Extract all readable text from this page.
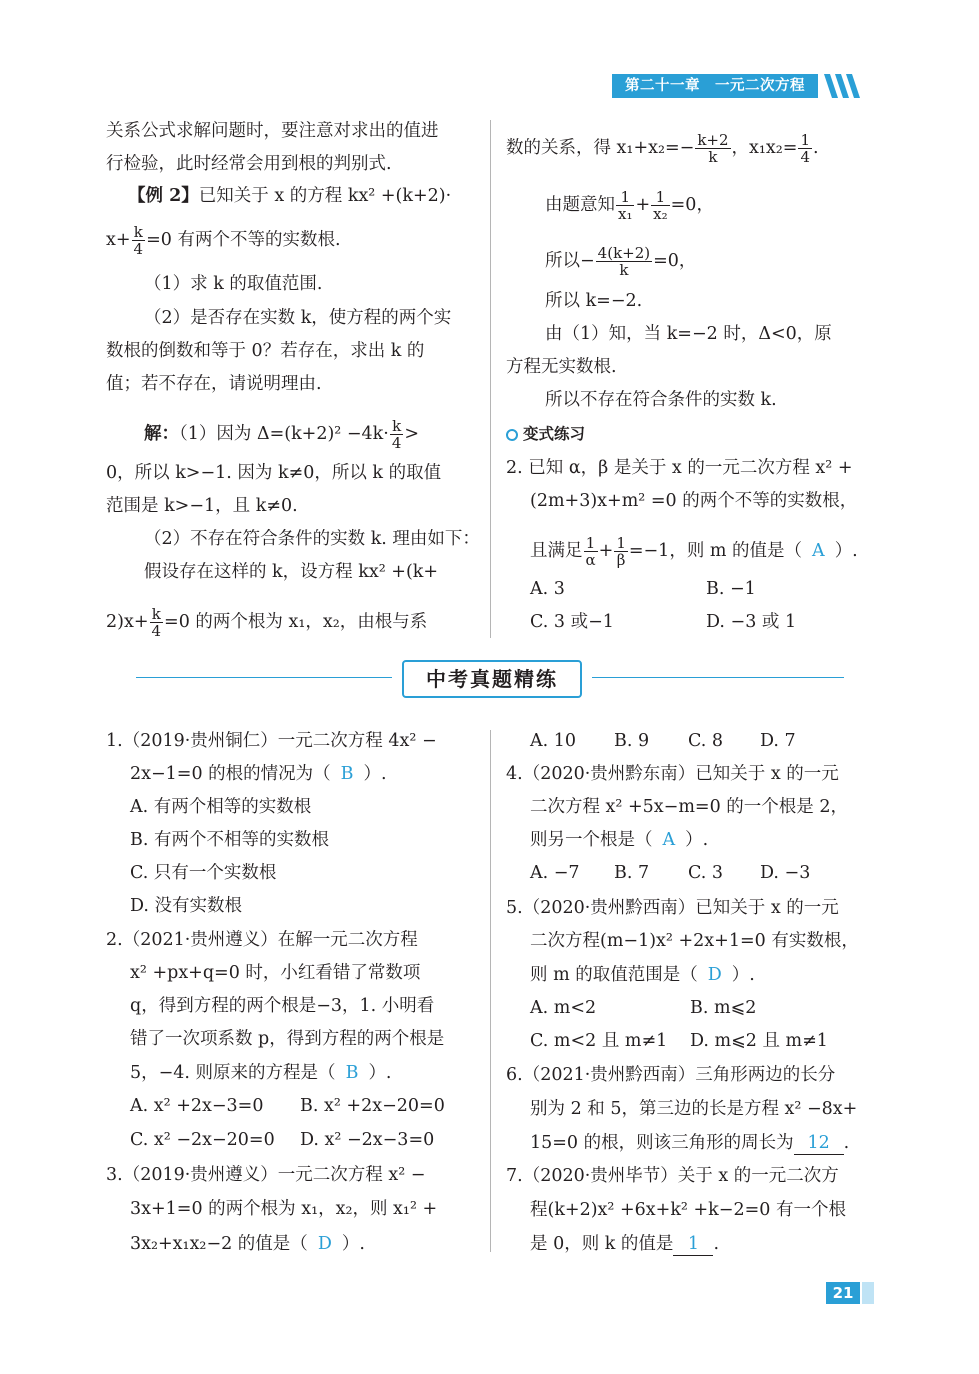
第二十一章　一元二次方程
关系公式求解问题时，要注意对求出的值进
行检验，此时经常会用到根的判别式.
【例 2】已知关于 x 的方程 kx² +(k+2)·
$x+ \frac{k}{4} =0$ 有两个不等的实数根.
（1）求 k 的取值范围.
（2）是否存在实数 k，使方程的两个实
数根的倒数和等于 0？若存在，求出 k 的
值；若不存在，请说明理由.
解：（1）因为 $\Delta=(k+2)^2 -4k\cdot \frac{k}{4}$ >
0，所以 k>−1. 因为 k≠0，所以 k 的取值
范围是 k>−1，且 k≠0.
（2）不存在符合条件的实数 k. 理由如下：
假设存在这样的 k，设方程 kx² +(k+
$2)x+ \frac{k}{4} =0$ 的两个根为 x₁，x₂，由根与系
数的关系，得 $x_1+x_2=- \frac{k+2}{k}$ ，$x_1x_2= \frac{1}{4}$ .
由题意知 $\frac{1}{\text{x₁}} + \frac{1}{\text{x₂}} =0$，
所以− $\frac{4(k+2)}{k} =0$，
所以 k=−2.
由（1）知，当 k=−2 时，Δ<0，原
方程无实数根.
所以不存在符合条件的实数 k.
变式练习
2. 已知 α，β 是关于 x 的一元二次方程 x² +
(2m+3)x+m² =0 的两个不等的实数根，
且满足 $\frac{1}{\alpha} + \frac{1}{\beta} =-1$，则 m 的值是（ A ）.
A. 3	B. −1
C. 3 或−1	D. −3 或 1
中考真题精练
1.（2019·贵州铜仁）一元二次方程 4x² −
2x−1=0 的根的情况为（ B ）.
A. 有两个相等的实数根
B. 有两个不相等的实数根
C. 只有一个实数根
D. 没有实数根
2.（2021·贵州遵义）在解一元二次方程
x² +px+q=0 时，小红看错了常数项
q，得到方程的两个根是−3，1. 小明看
错了一次项系数 p，得到方程的两个根是
5，−4. 则原来的方程是（ B ）.
A. x² +2x−3=0 B. x² +2x−20=0
C. x² −2x−20=0 D. x² −2x−3=0
3.（2019·贵州遵义）一元二次方程 x² −
3x+1=0 的两个根为 x₁，x₂，则 x₁² +
3x₂+x₁x₂−2 的值是（ D ）.
A. 10 B. 9 C. 8 D. 7
4.（2020·贵州黔东南）已知关于 x 的一元
二次方程 x² +5x−m=0 的一个根是 2，
则另一个根是（ A ）.
A. −7 B. 7 C. 3 D. −3
5.（2020·贵州黔西南）已知关于 x 的一元
二次方程(m−1)x² +2x+1=0 有实数根，
则 m 的取值范围是（ D ）.
A. m<2	B. m⩽2
C. m<2 且 m≠1 D. m⩽2 且 m≠1
6.（2021·贵州黔西南）三角形两边的长分
别为 2 和 5，第三边的长是方程 x² −8x+
15=0 的根，则该三角形的周长为 12 .
7.（2020·贵州毕节）关于 x 的一元二次方
程(k+2)x² +6x+k² +k−2=0 有一个根
是 0，则 k 的值是 1 .
21
